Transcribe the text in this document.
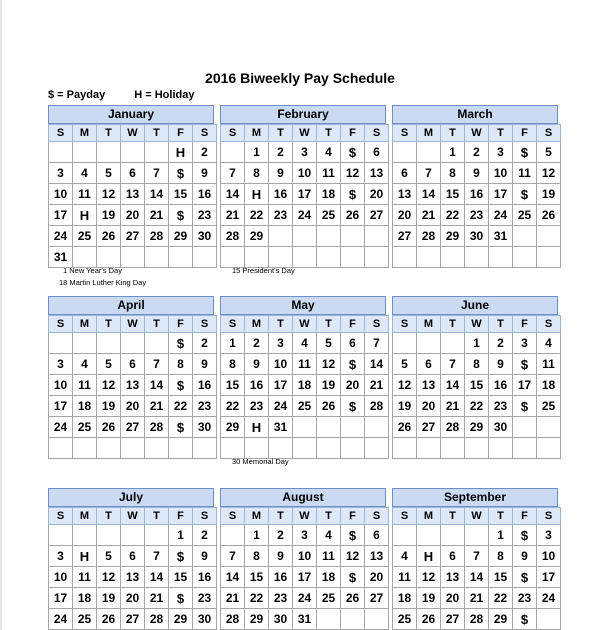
2016 Biweekly Pay Schedule
$ = Payday	H = Holiday
January
S	M	T	W	T	F	S
					H	2
3	4	5	6	7	$	9
10	11	12	13	14	15	16
17	H	19	20	21	$	23
24	25	26	27	28	29	30
31						
February
S	M	T	W	T	F	S
	1	2	3	4	$	6
7	8	9	10	11	12	13
14	H	16	17	18	$	20
21	22	23	24	25	26	27
28	29					

March
S	M	T	W	T	F	S
		1	2	3	$	5
6	7	8	9	10	11	12
13	14	15	16	17	$	19
20	21	22	23	24	25	26
27	28	29	30	31		

April
S	M	T	W	T	F	S
					$	2
3	4	5	6	7	8	9
10	11	12	13	14	$	16
17	18	19	20	21	22	23
24	25	26	27	28	$	30

May
S	M	T	W	T	F	S
1	2	3	4	5	6	7
8	9	10	11	12	$	14
15	16	17	18	19	20	21
22	23	24	25	26	$	28
29	H	31				

June
S	M	T	W	T	F	S
			1	2	3	4
5	6	7	8	9	$	11
12	13	14	15	16	17	18
19	20	21	22	23	$	25
26	27	28	29	30		

July
S	M	T	W	T	F	S
					1	2
3	H	5	6	7	$	9
10	11	12	13	14	15	16
17	18	19	20	21	$	23
24	25	26	27	28	29	30
August
S	M	T	W	T	F	S
	1	2	3	4	$	6
7	8	9	10	11	12	13
14	15	16	17	18	$	20
21	22	23	24	25	26	27
28	29	30	31			
September
S	M	T	W	T	F	S
				1	$	3
4	H	6	7	8	9	10
11	12	13	14	15	$	17
18	19	20	21	22	23	24
25	26	27	28	29	$	
1 New Year's Day
18 Martin Luther King Day
15 President's Day
30 Memorial Day
